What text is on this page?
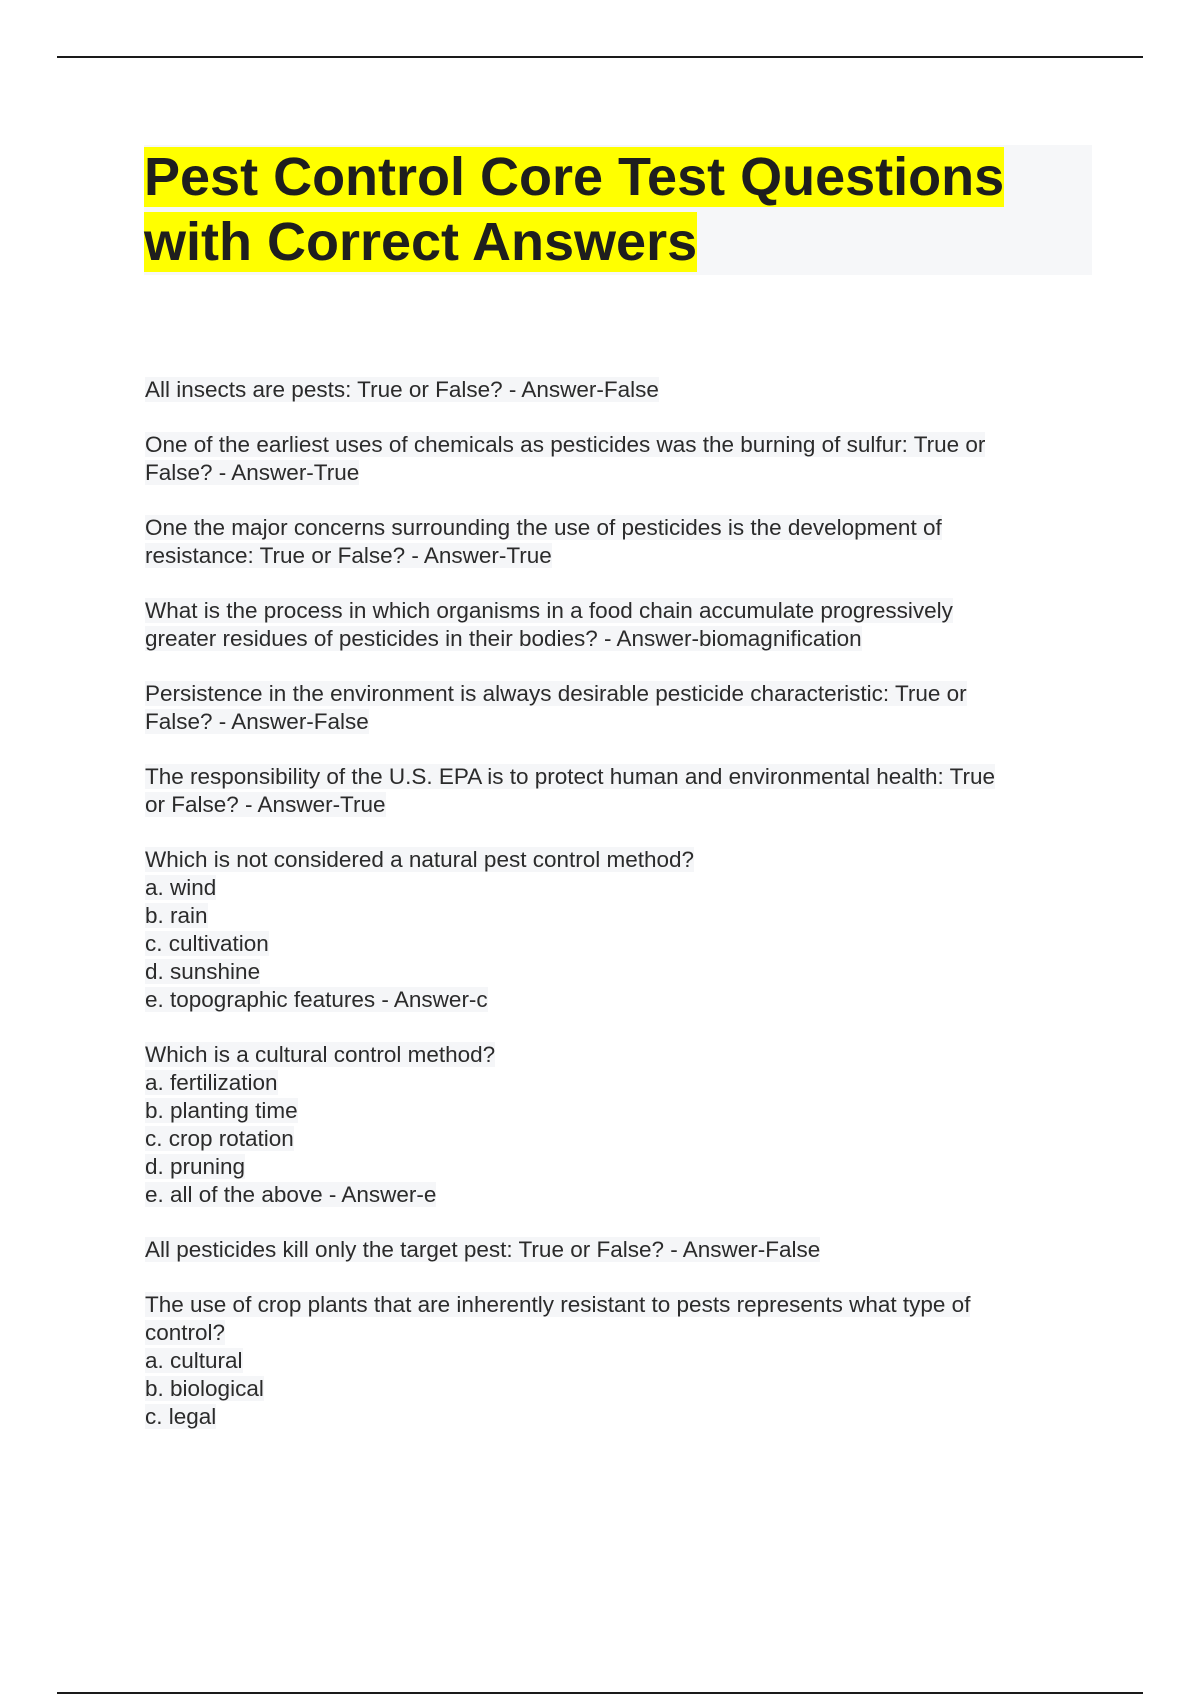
Pest Control Core Test Questions
with Correct Answers

All insects are pests: True or False? - Answer-False

One of the earliest uses of chemicals as pesticides was the burning of sulfur: True or

False? - Answer-True

One the major concerns surrounding the use of pesticides is the development of

resistance: True or False? - Answer-True

What is the process in which organisms in a food chain accumulate progressively

greater residues of pesticides in their bodies? - Answer-biomagnification

Persistence in the environment is always desirable pesticide characteristic: True or

False? - Answer-False

The responsibility of the U.S. EPA is to protect human and environmental health: True

or False? - Answer-True

Which is not considered a natural pest control method?

a. wind

b. rain

c. cultivation

d. sunshine

e. topographic features - Answer-c

Which is a cultural control method?

a. fertilization

b. planting time

c. crop rotation

d. pruning

e. all of the above - Answer-e

All pesticides kill only the target pest: True or False? - Answer-False

The use of crop plants that are inherently resistant to pests represents what type of

control?

a. cultural

b. biological

c. legal
